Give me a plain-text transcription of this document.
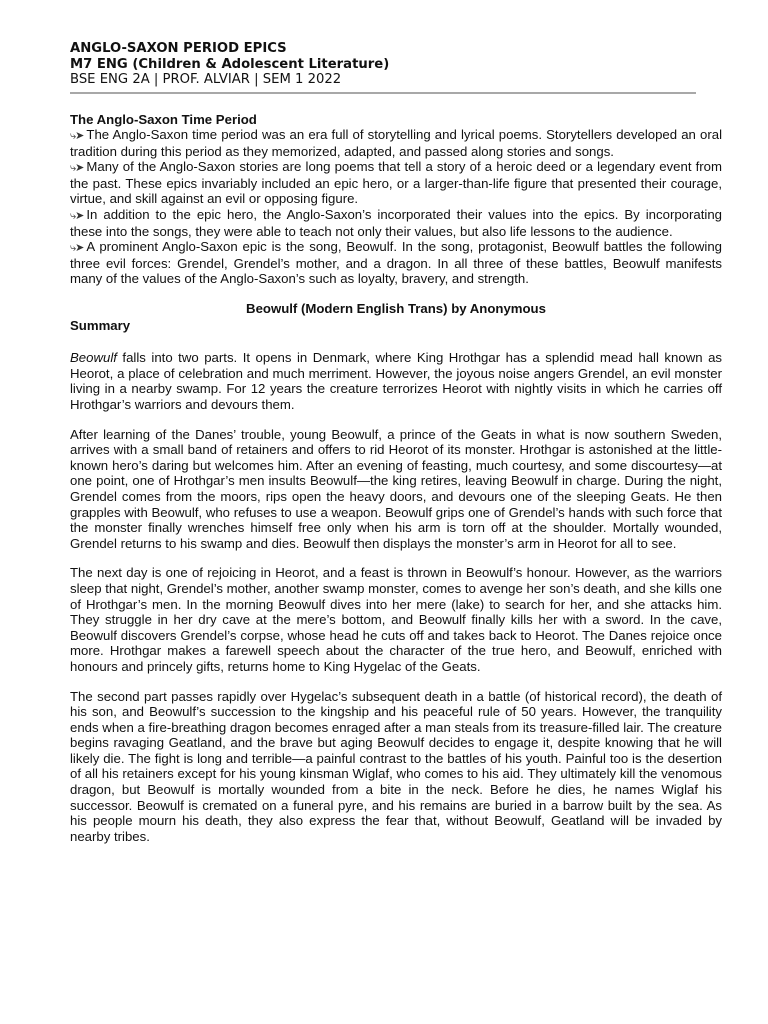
ANGLO-SAXON PERIOD EPICS
M7 ENG (Children & Adolescent Literature)
BSE ENG 2A | PROF. ALVIAR | SEM 1 2022
The Anglo-Saxon Time Period

⤷➤ The Anglo-Saxon time period was an era full of storytelling and lyrical poems. Storytellers developed an oral tradition during this period as they memorized, adapted, and passed along stories and songs.

⤷➤ Many of the Anglo-Saxon stories are long poems that tell a story of a heroic deed or a legendary event from the past. These epics invariably included an epic hero, or a larger-than-life figure that presented their courage, virtue, and skill against an evil or opposing figure.

⤷➤ In addition to the epic hero, the Anglo-Saxon’s incorporated their values into the epics. By incorporating these into the songs, they were able to teach not only their values, but also life lessons to the audience.

⤷➤ A prominent Anglo-Saxon epic is the song, Beowulf. In the song, protagonist, Beowulf battles the following three evil forces: Grendel, Grendel’s mother, and a dragon. In all three of these battles, Beowulf manifests many of the values of the Anglo-Saxon’s such as loyalty, bravery, and strength.

Beowulf (Modern English Trans) by Anonymous
Summary

Beowulf falls into two parts. It opens in Denmark, where King Hrothgar has a splendid mead hall known as Heorot, a place of celebration and much merriment. However, the joyous noise angers Grendel, an evil monster living in a nearby swamp. For 12 years the creature terrorizes Heorot with nightly visits in which he carries off Hrothgar’s warriors and devours them.

After learning of the Danes’ trouble, young Beowulf, a prince of the Geats in what is now southern Sweden, arrives with a small band of retainers and offers to rid Heorot of its monster. Hrothgar is astonished at the little-known hero’s daring but welcomes him. After an evening of feasting, much courtesy, and some discourtesy—at one point, one of Hrothgar’s men insults Beowulf—the king retires, leaving Beowulf in charge. During the night, Grendel comes from the moors, rips open the heavy doors, and devours one of the sleeping Geats. He then grapples with Beowulf, who refuses to use a weapon. Beowulf grips one of Grendel’s hands with such force that the monster finally wrenches himself free only when his arm is torn off at the shoulder. Mortally wounded, Grendel returns to his swamp and dies. Beowulf then displays the monster’s arm in Heorot for all to see.

The next day is one of rejoicing in Heorot, and a feast is thrown in Beowulf’s honour. However, as the warriors sleep that night, Grendel’s mother, another swamp monster, comes to avenge her son’s death, and she kills one of Hrothgar’s men. In the morning Beowulf dives into her mere (lake) to search for her, and she attacks him. They struggle in her dry cave at the mere’s bottom, and Beowulf finally kills her with a sword. In the cave, Beowulf discovers Grendel’s corpse, whose head he cuts off and takes back to Heorot. The Danes rejoice once more. Hrothgar makes a farewell speech about the character of the true hero, and Beowulf, enriched with honours and princely gifts, returns home to King Hygelac of the Geats.

The second part passes rapidly over Hygelac’s subsequent death in a battle (of historical record), the death of his son, and Beowulf’s succession to the kingship and his peaceful rule of 50 years. However, the tranquility ends when a fire-breathing dragon becomes enraged after a man steals from its treasure-filled lair. The creature begins ravaging Geatland, and the brave but aging Beowulf decides to engage it, despite knowing that he will likely die. The fight is long and terrible—a painful contrast to the battles of his youth. Painful too is the desertion of all his retainers except for his young kinsman Wiglaf, who comes to his aid. They ultimately kill the venomous dragon, but Beowulf is mortally wounded from a bite in the neck. Before he dies, he names Wiglaf his successor. Beowulf is cremated on a funeral pyre, and his remains are buried in a barrow built by the sea. As his people mourn his death, they also express the fear that, without Beowulf, Geatland will be invaded by nearby tribes.
